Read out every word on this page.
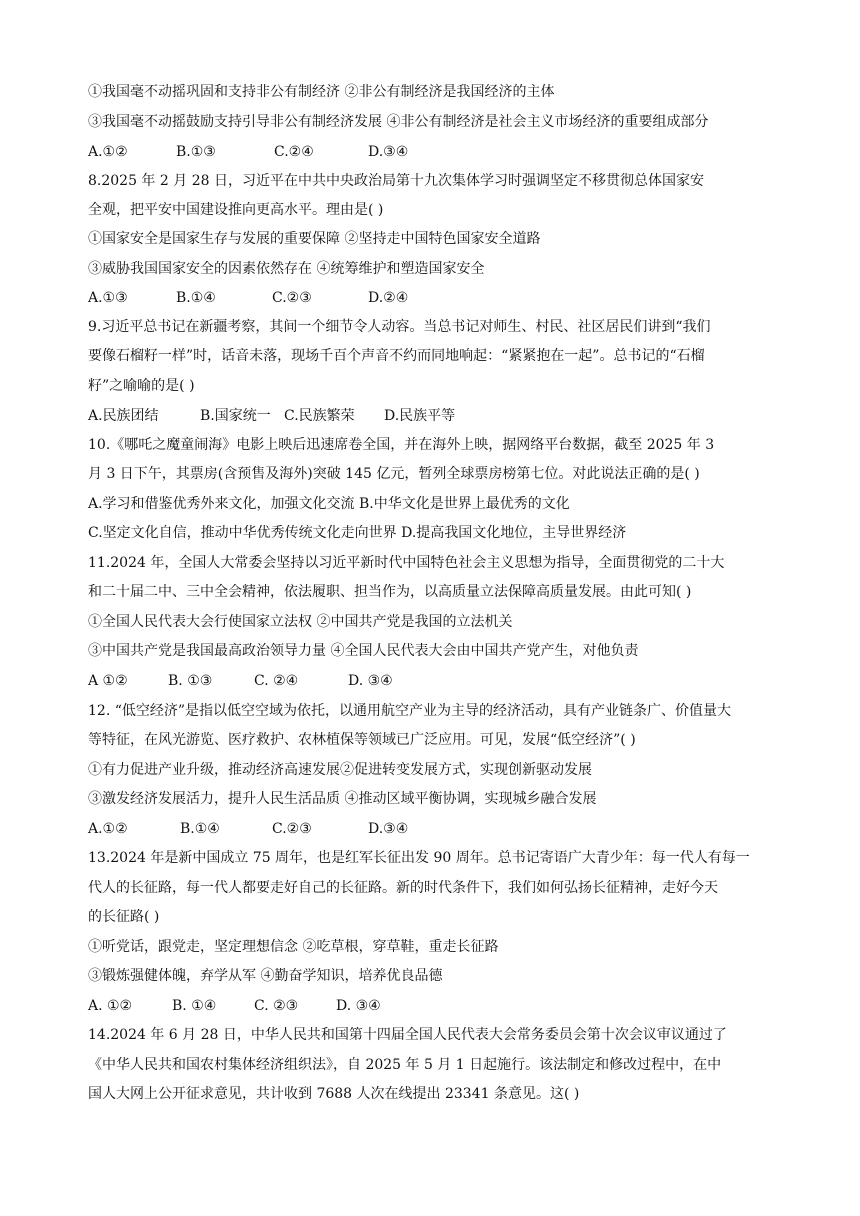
①我国毫不动摇巩固和支持非公有制经济 ②非公有制经济是我国经济的主体
③我国毫不动摇鼓励支持引导非公有制经济发展 ④非公有制经济是社会主义市场经济的重要组成部分
A.①②	B.①③	C.②④	D.③④
8.2025 年 2 月 28 日，习近平在中共中央政治局第十九次集体学习时强调坚定不移贯彻总体国家安
全观，把平安中国建设推向更高水平。理由是( )
①国家安全是国家生存与发展的重要保障 ②坚持走中国特色国家安全道路
③威胁我国国家安全的因素依然存在 ④统筹维护和塑造国家安全
A.①③	B.①④	C.②③	D.②④
9.习近平总书记在新疆考察，其间一个细节令人动容。当总书记对师生、村民、社区居民们讲到“我们
要像石榴籽一样”时，话音未落，现场千百个声音不约而同地响起：“紧紧抱在一起”。总书记的“石榴
籽”之喻喻的是( )
A.民族团结	B.国家统一 C.民族繁荣 D.民族平等
10.《哪吒之魔童闹海》电影上映后迅速席卷全国，并在海外上映，据网络平台数据，截至 2025 年 3
月 3 日下午，其票房(含预售及海外)突破 145 亿元，暂列全球票房榜第七位。对此说法正确的是( )
A.学习和借鉴优秀外来文化，加强文化交流 B.中华文化是世界上最优秀的文化
C.坚定文化自信，推动中华优秀传统文化走向世界 D.提高我国文化地位，主导世界经济
11.2024 年，全国人大常委会坚持以习近平新时代中国特色社会主义思想为指导，全面贯彻党的二十大
和二十届二中、三中全会精神，依法履职、担当作为，以高质量立法保障高质量发展。由此可知( )
①全国人民代表大会行使国家立法权 ②中国共产党是我国的立法机关
③中国共产党是我国最高政治领导力量 ④全国人民代表大会由中国共产党产生，对他负责
A ①②	B. ①③	C. ②④	D. ③④
12. “低空经济”是指以低空空域为依托，以通用航空产业为主导的经济活动，具有产业链条广、价值量大
等特征，在风光游览、医疗救护、农林植保等领域已广泛应用。可见，发展“低空经济”( )
①有力促进产业升级，推动经济高速发展②促进转变发展方式，实现创新驱动发展
③激发经济发展活力，提升人民生活品质 ④推动区域平衡协调，实现城乡融合发展
A.①②	B.①④	C.②③	D.③④
13.2024 年是新中国成立 75 周年，也是红军长征出发 90 周年。总书记寄语广大青少年：每一代人有每一
代人的长征路，每一代人都要走好自己的长征路。新的时代条件下，我们如何弘扬长征精神，走好今天
的长征路( )
①听党话，跟党走，坚定理想信念 ②吃草根，穿草鞋，重走长征路
③锻炼强健体魄，弃学从军 ④勤奋学知识，培养优良品德
A. ①②	B. ①④	C. ②③	D. ③④
14.2024 年 6 月 28 日，中华人民共和国第十四届全国人民代表大会常务委员会第十次会议审议通过了
《中华人民共和国农村集体经济组织法》，自 2025 年 5 月 1 日起施行。该法制定和修改过程中，在中
国人大网上公开征求意见，共计收到 7688 人次在线提出 23341 条意见。这( )
